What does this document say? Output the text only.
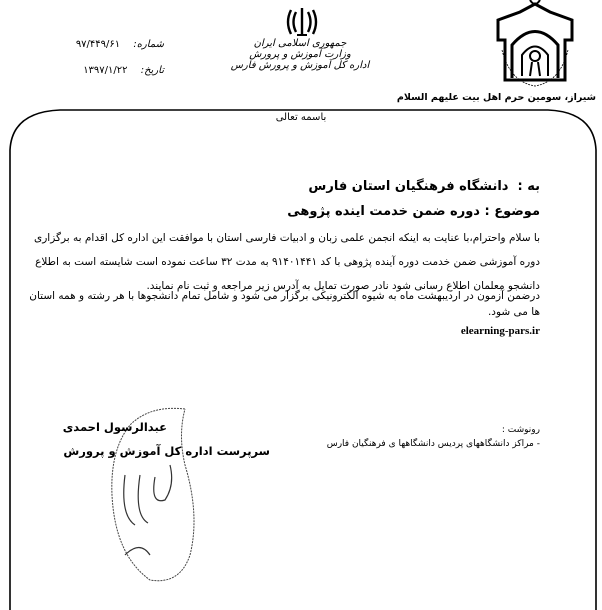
شیراز، سومین حرم اهل بیت علیهم السلام
جمهوری اسلامی ایران
وزارت آموزش و پرورش
اداره کل آموزش و پرورش فارس
شماره: ۹۷/۴۴۹/۶۱
تاریخ: ۱۳۹۷/۱/۲۲
باسمه تعالی
به :  دانشگاه فرهنگیان استان فارس
موضوع : دوره ضمن خدمت اینده پژوهی
با سلام واحترام،با عنایت به اینکه انجمن علمی زبان و ادبیات فارسی استان با موافقت این اداره کل اقدام به برگزاری
دوره آموزشی ضمن خدمت دوره آینده پژوهی با کد ۹۱۴۰۱۴۴۱ به مدت ۳۲ ساعت نموده است شایسته است به اطلاع
دانشجو معلمان اطلاع رسانی شود نادر صورت تمایل به آدرس زیر مراجعه و ثبت نام نمایند.
درضمن آزمون در اردیبهشت ماه به شیوه الکترونیکی برگزار می شود و شامل تمام دانشجوها با هر رشته و همه استان
ها می شود.
elearning-pars.ir
عبدالرسول احمدی
سرپرست اداره کل آموزش و پرورش
رونوشت :
- مراکز دانشگاههای پردیس دانشگاهها ی فرهنگیان فارس
